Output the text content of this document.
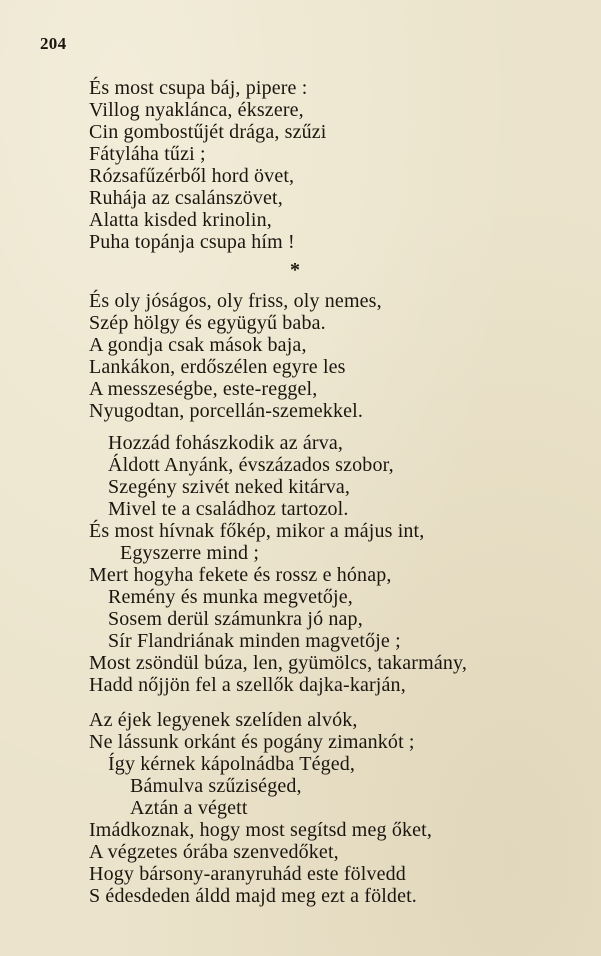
204
És most csupa báj, pipere :
Villog nyaklánca, ékszere,
Cin gombostűjét drága, szűzi
Fátyláha tűzi ;
Rózsafűzérből hord övet,
Ruhája az csalánszövet,
Alatta kisded krinolin,
Puha topánja csupa hím !
*
És oly jóságos, oly friss, oly nemes,
Szép hölgy és együgyű baba.
A gondja csak mások baja,
Lankákon, erdőszélen egyre les
A messzeségbe, este-reggel,
Nyugodtan, porcellán-szemekkel.
Hozzád fohászkodik az árva,
Áldott Anyánk, évszázados szobor,
Szegény szivét neked kitárva,
Mivel te a családhoz tartozol.
És most hívnak főkép, mikor a május int,
Egyszerre mind ;
Mert hogyha fekete és rossz e hónap,
Remény és munka megvetője,
Sosem derül számunkra jó nap,
Sír Flandriának minden magvetője ;
Most zsöndül búza, len, gyümölcs, takarmány,
Hadd nőjjön fel a szellők dajka-karján,
Az éjek legyenek szelíden alvók,
Ne lássunk orkánt és pogány zimankót ;
Így kérnek kápolnádba Téged,
Bámulva szűziséged,
Aztán a végett
Imádkoznak, hogy most segítsd meg őket,
A végzetes órába szenvedőket,
Hogy bársony-aranyruhád este fölvedd
S édesdeden áldd majd meg ezt a földet.
